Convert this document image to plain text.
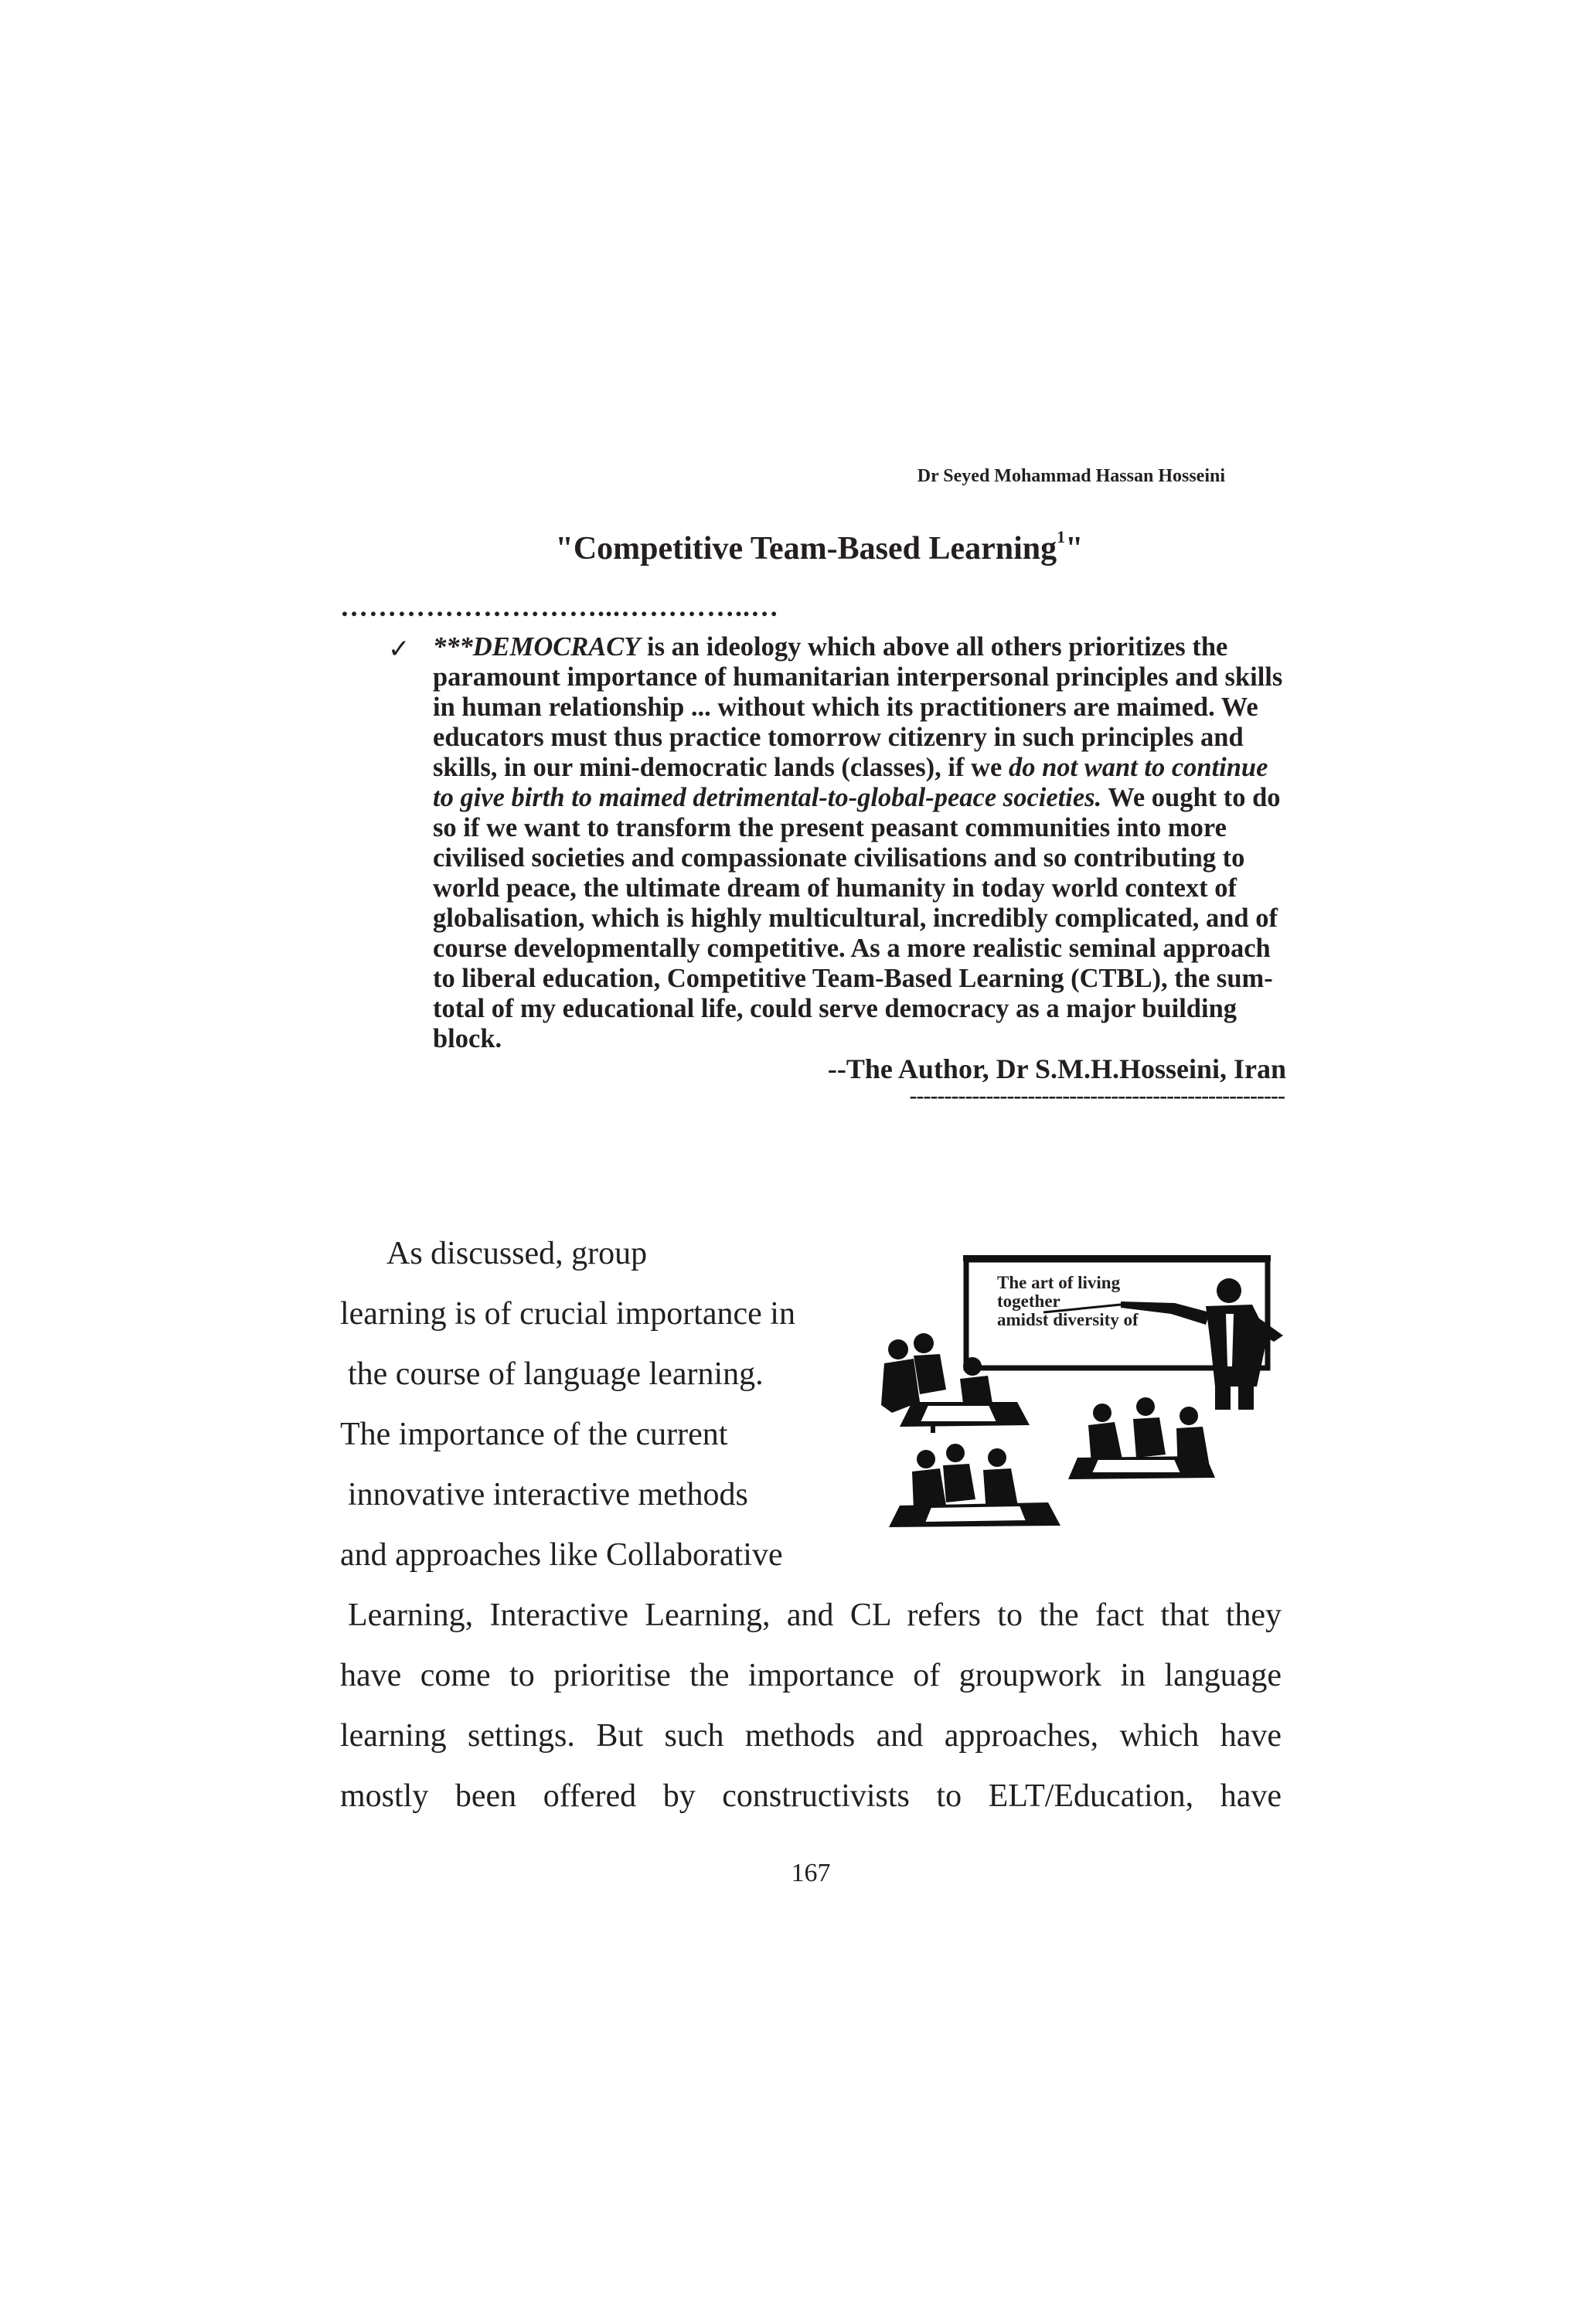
Dr Seyed Mohammad Hassan Hosseini
"Competitive Team-Based Learning$^1$"
………………………...…………..…
✓ ***DEMOCRACY is an ideology which above all others prioritizes the paramount importance of humanitarian interpersonal principles and skills in human relationship ... without which its practitioners are maimed. We educators must thus practice tomorrow citizenry in such principles and skills, in our mini-democratic lands (classes), if we do not want to continue to give birth to maimed detrimental-to-global-peace societies. We ought to do so if we want to transform the present peasant communities into more civilised societies and compassionate civilisations and so contributing to world peace, the ultimate dream of humanity in today world context of globalisation, which is highly multicultural, incredibly complicated, and of course developmentally competitive. As a more realistic seminal approach to liberal education, Competitive Team-Based Learning (CTBL), the sum-total of my educational life, could serve democracy as a major building block.

--The Author, Dr S.M.H.Hosseini, Iran
------------------------------------------------------
As discussed, group
learning is of crucial importance in
the course of language learning.
The importance of the current
innovative interactive methods
and approaches like Collaborative
Learning, Interactive Learning, and CL refers to the fact that they
have come to prioritise the importance of groupwork in language
learning settings. But such methods and approaches, which have
mostly been offered by constructivists to ELT/Education, have
The art of living
together
amidst diversity of
167
